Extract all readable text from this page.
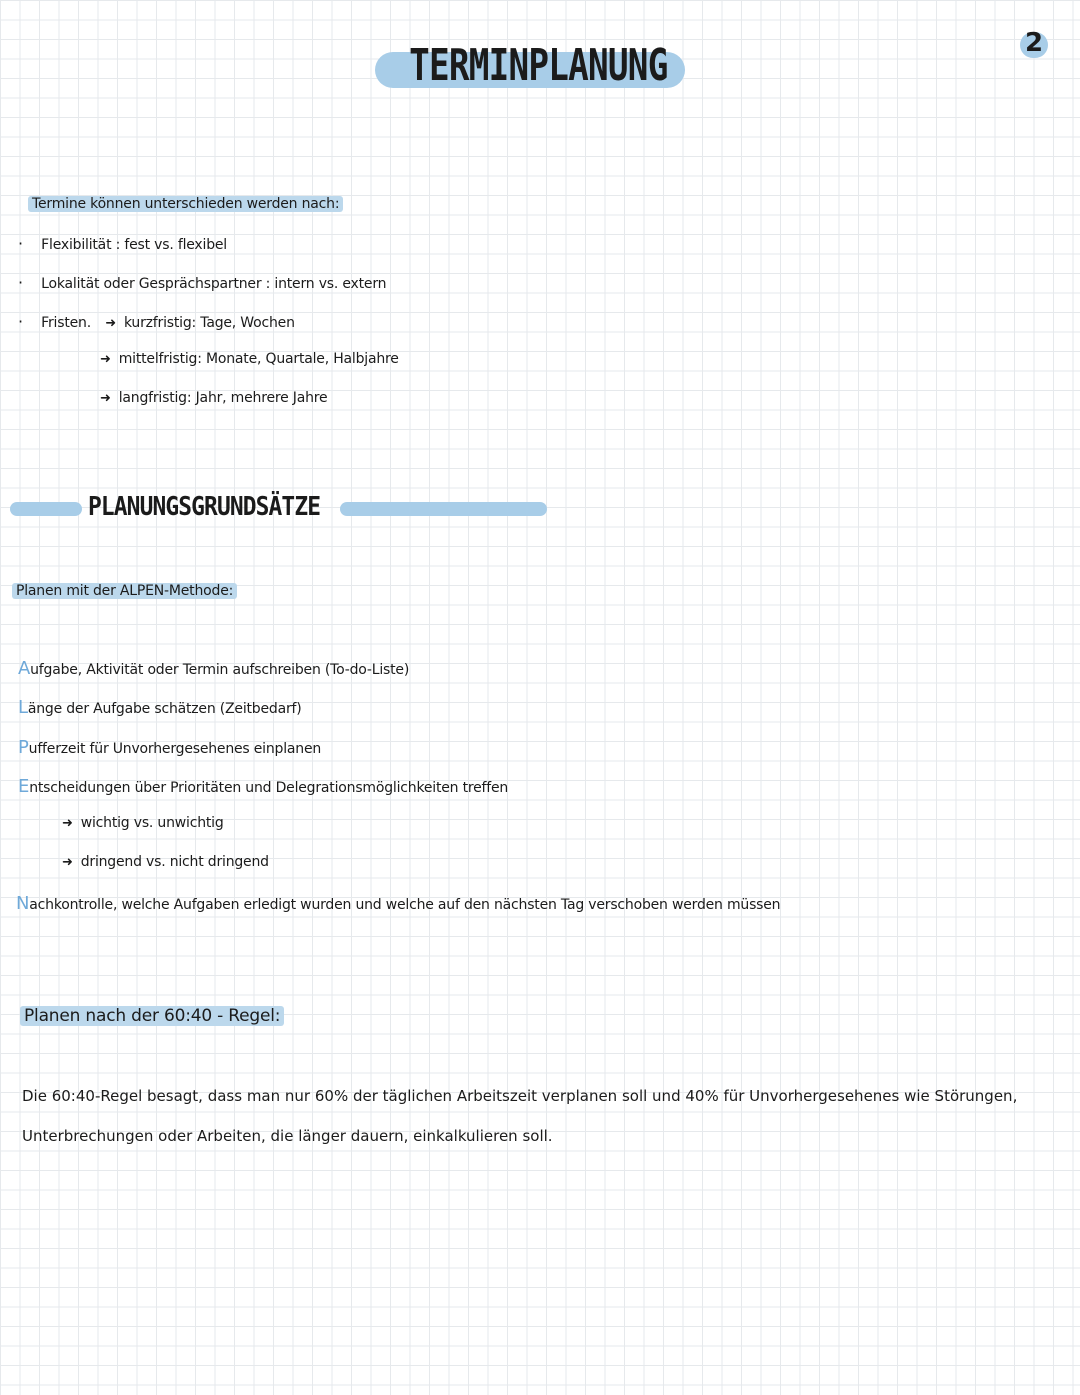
TERMINPLANUNG	2
Termine können unterschieden werden nach:
· Flexibilität : fest vs. flexibel
· Lokalität oder Gesprächspartner : intern vs. extern
· Fristen. ➜ kurzfristig: Tage, Wochen
➜ mittelfristig: Monate, Quartale, Halbjahre
➜ langfristig: Jahr, mehrere Jahre
PLANUNGSGRUNDSÄTZE
Planen mit der ALPEN-Methode:
Aufgabe, Aktivität oder Termin aufschreiben (To-do-Liste)
Länge der Aufgabe schätzen (Zeitbedarf)
Pufferzeit für Unvorhergesehenes einplanen
Entscheidungen über Prioritäten und Delegrationsmöglichkeiten treffen
➜ wichtig vs. unwichtig
➜ dringend vs. nicht dringend
Nachkontrolle, welche Aufgaben erledigt wurden und welche auf den nächsten Tag verschoben werden müssen
Planen nach der 60:40 - Regel:
Die 60:40-Regel besagt, dass man nur 60% der täglichen Arbeitszeit verplanen soll und 40% für Unvorhergesehenes wie Störungen, Unterbrechungen oder Arbeiten, die länger dauern, einkalkulieren soll.
